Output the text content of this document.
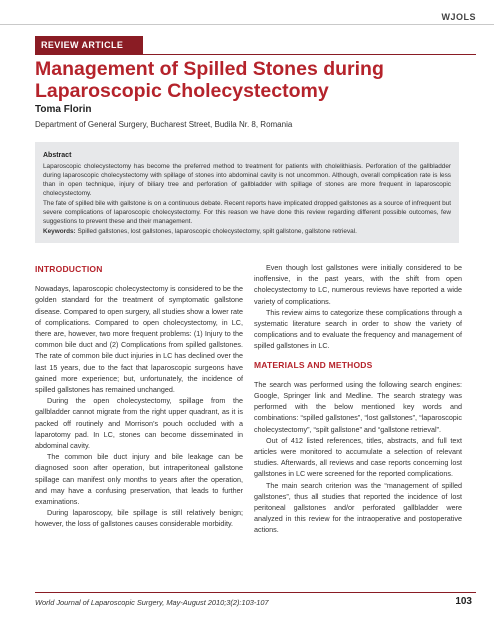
WJOLS
REVIEW ARTICLE
Management of Spilled Stones during Laparoscopic Cholecystectomy
Toma Florin
Department of General Surgery, Bucharest Street, Budila Nr. 8, Romania
Abstract

Laparoscopic cholecystectomy has become the preferred method to treatment for patients with cholelithiasis. Perforation of the gallbladder during laparoscopic cholecystectomy with spillage of stones into abdominal cavity is not uncommon. Although, overall complication rate is less than in open technique, injury of biliary tree and perforation of gallbladder with spillage of stones are more frequent in laparoscopic cholecystectomy.

The fate of spilled bile with gallstone is on a continuous debate. Recent reports have implicated dropped gallstones as a source of infrequent but severe complications of laparoscopic cholecystectomy. For this reason we have done this review regarding different possible outcomes, few suggestions to prevent these and their management.

Keywords: Spilled gallstones, lost gallstones, laparoscopic cholecystectomy, spilt gallstone, gallstone retrieval.

INTRODUCTION

Nowadays, laparoscopic cholecystectomy is considered to be the golden standard for the treatment of symptomatic gallstone disease. Compared to open surgery, all studies show a lower rate of complications. Compared to open cholecystectomy, in LC, there are, however, two more frequent problems: (1) Injury to the common bile duct and (2) Complications from spilled gallstones. The rate of common bile duct injuries in LC has declined over the last 15 years, due to the fact that laparoscopic surgeons have gained more experience; but, unfortunately, the incidence of spilled gallstones has remained unchanged.

During the open cholecystectomy, spillage from the gallbladder cannot migrate from the right upper quadrant, as it is packed off routinely and Morrison’s pouch occluded with a laparotomy pad. In LC, stones can become disseminated in abdominal cavity.

The common bile duct injury and bile leakage can be diagnosed soon after operation, but intraperitoneal gallstone spillage can manifest only months to years after the operation, and may have a confusing preservation, that leads to further examinations.

During laparoscopy, bile spillage is still relatively benign; however, the loss of gallstones causes considerable morbidity.

Even though lost gallstones were initially considered to be inoffensive, in the past years, with the shift from open cholecystectomy to LC, numerous reviews have reported a wide variety of complications.

This review aims to categorize these complications through a systematic literature search in order to show the variety of complications and to evaluate the frequency and management of spilled gallstones in LC.

MATERIALS AND METHODS

The search was performed using the following search engines: Google, Springer link and Medline. The search strategy was performed with the below mentioned key words and combinations: “spilled gallstones”, “lost gallstones”, “laparoscopic cholecystectomy”, “spilt gallstone” and “gallstone retrieval”.

Out of 412 listed references, titles, abstracts, and full text articles were monitored to accumulate a selection of relevant studies. Afterwards, all reviews and case reports concerning lost gallstones in LC were screened for the reported complications.

The main search criterion was the “management of spilled gallstones”, thus all studies that reported the incidence of lost peritoneal gallstones and/or perforated gallbladder were analyzed in this review for the intraoperative and postoperative actions.

World Journal of Laparoscopic Surgery, May-August 2010;3(2):103-107	103
